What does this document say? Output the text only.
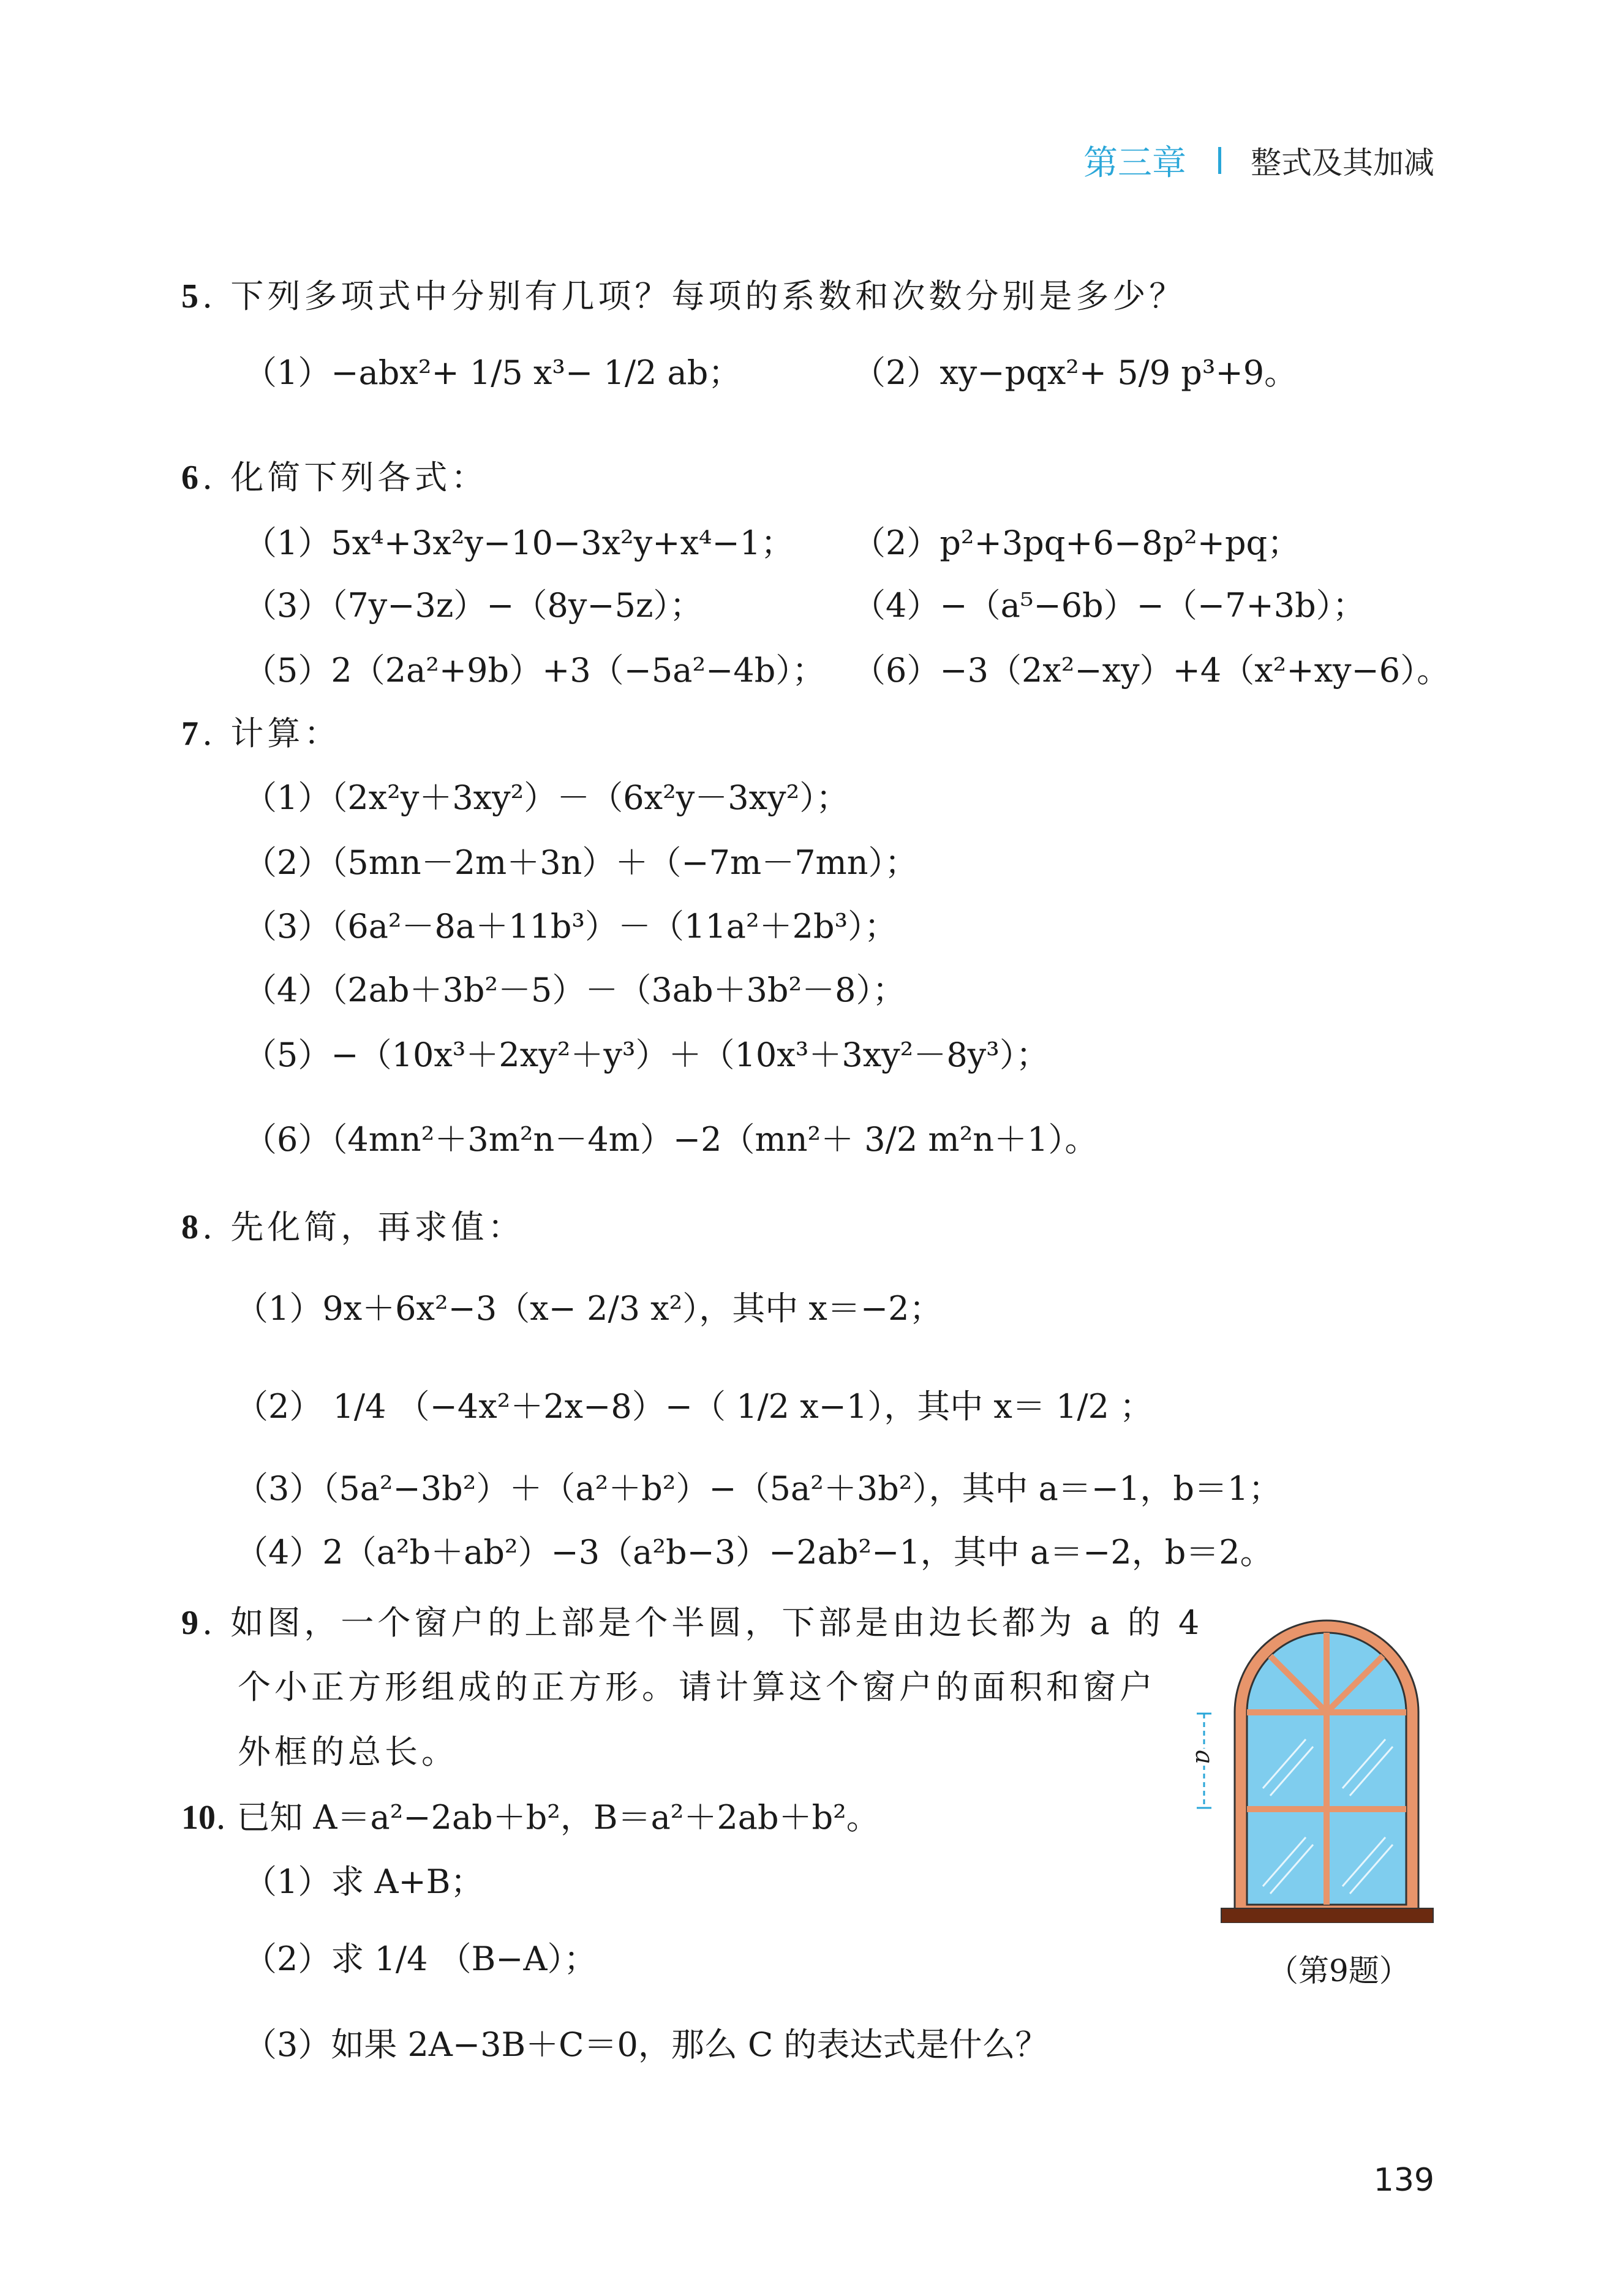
第三章 整式及其加减
5. 下列多项式中分别有几项？每项的系数和次数分别是多少？
（1）−abx²+ 1/5 x³− 1/2 ab；	（2）xy−pqx²+ 5/9 p³+9。
6. 化简下列各式：
（1）5x⁴+3x²y−10−3x²y+x⁴−1； （2）p²+3pq+6−8p²+pq；
（3）（7y−3z）−（8y−5z）；	（4）−（a⁵−6b）−（−7+3b）；
（5）2（2a²+9b）+3（−5a²−4b）； （6）−3（2x²−xy）+4（x²+xy−6）。
7. 计算：
（1）（2x²y＋3xy²）－（6x²y－3xy²）；
（2）（5mn－2m＋3n）＋（−7m－7mn）；
（3）（6a²－8a＋11b³）－（11a²＋2b³）；
（4）（2ab＋3b²－5）－（3ab＋3b²－8）；
（5）−（10x³＋2xy²＋y³）＋（10x³＋3xy²－8y³）；
（6）（4mn²＋3m²n－4m）−2（mn²＋ 3/2 m²n＋1）。
8. 先化简，再求值：
（1）9x＋6x²−3（x− 2/3 x²），其中 x＝−2；
（2） 1/4 （−4x²＋2x−8）−（ 1/2 x−1），其中 x＝ 1/2 ；
（3）（5a²−3b²）＋（a²＋b²）−（5a²＋3b²），其中 a＝−1，b＝1；
（4）2（a²b＋ab²）−3（a²b−3）−2ab²−1，其中 a＝−2，b＝2。
9. 如图，一个窗户的上部是个半圆，下部是由边长都为 a 的 4
个小正方形组成的正方形。请计算这个窗户的面积和窗户
外框的总长。
10. 已知 A＝a²−2ab＋b²，B＝a²＋2ab＋b²。
（1）求 A+B；
（2）求 1/4 （B−A）；
（3）如果 2A−3B＋C＝0，那么 C 的表达式是什么？
a
（第9题）
139
